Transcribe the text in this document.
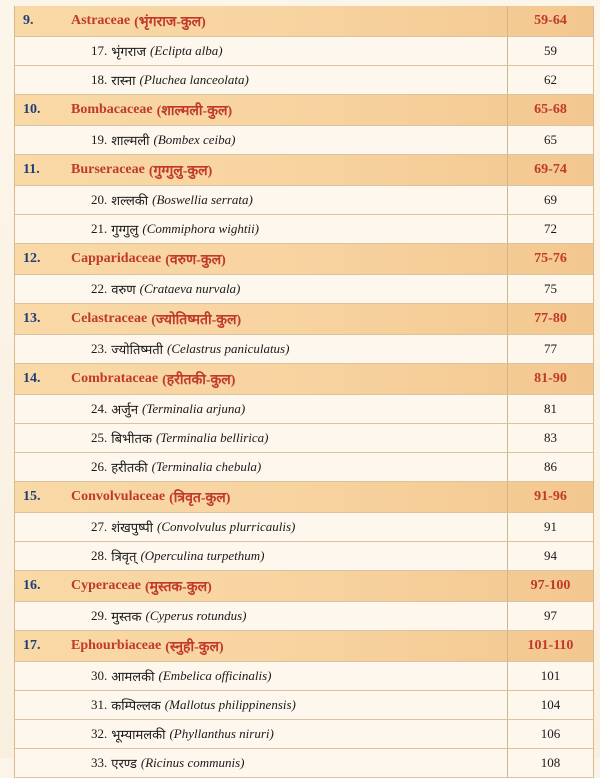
9.	Astraceae (भृंगराज-कुल)	59-64
17. भृंगराज (Eclipta alba)	59
18. रास्ना (Pluchea lanceolata)	62
10.	Bombacaceae (शाल्मली-कुल)	65-68
19. शाल्मली (Bombex ceiba)	65
11.	Burseraceae (गुग्गुलु-कुल)	69-74
20. शल्लकी (Boswellia serrata)	69
21. गुग्गुलु (Commiphora wightii)	72
12.	Capparidaceae (वरुण-कुल)	75-76
22. वरुण (Crataeva nurvala)	75
13.	Celastraceae (ज्योतिष्मती-कुल)	77-80
23. ज्योतिष्मती (Celastrus paniculatus)	77
14.	Combrataceae (हरीतकी-कुल)	81-90
24. अर्जुन (Terminalia arjuna)	81
25. बिभीतक (Terminalia bellirica)	83
26. हरीतकी (Terminalia chebula)	86
15.	Convolvulaceae (त्रिवृत-कुल)	91-96
27. शंखपुष्पी (Convolvulus plurricaulis)	91
28. त्रिवृत् (Operculina turpethum)	94
16.	Cyperaceae (मुस्तक-कुल)	97-100
29. मुस्तक (Cyperus rotundus)	97
17.	Ephourbiaceae (स्नुही-कुल)	101-110
30. आमलकी (Embelica officinalis)	101
31. कम्पिल्लक (Mallotus philippinensis)	104
32. भूम्यामलकी (Phyllanthus niruri)	106
33. एरण्ड (Ricinus communis)	108
